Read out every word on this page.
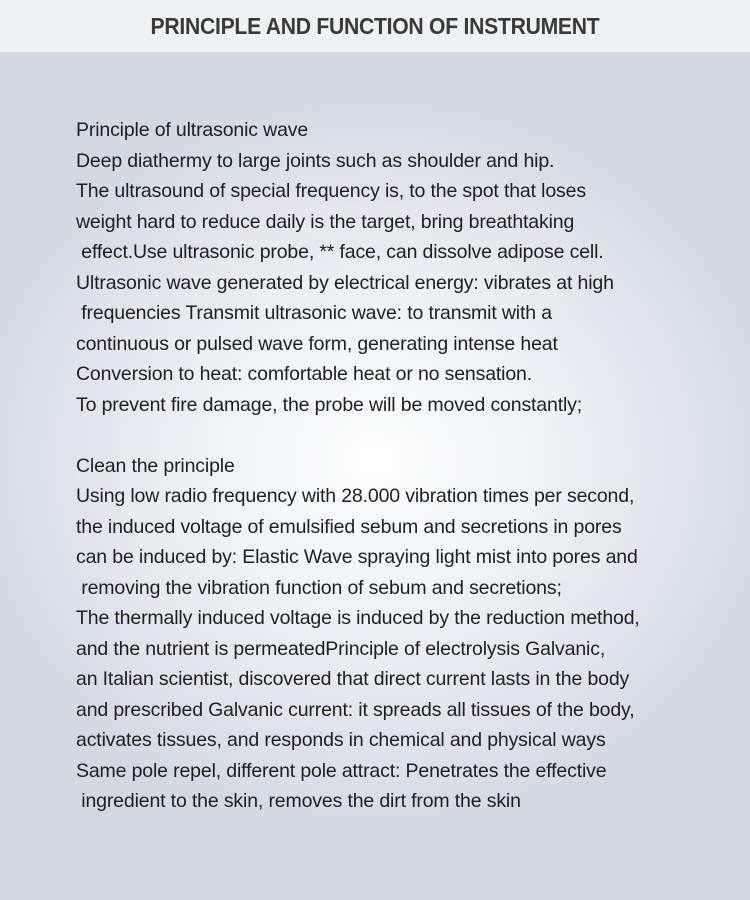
PRINCIPLE AND FUNCTION OF INSTRUMENT
Principle of ultrasonic wave
Deep diathermy to large joints such as shoulder and hip.
The ultrasound of special frequency is, to the spot that loses
weight hard to reduce daily is the target, bring breathtaking
effect.Use ultrasonic probe, ** face, can dissolve adipose cell.
Ultrasonic wave generated by electrical energy: vibrates at high
frequencies Transmit ultrasonic wave: to transmit with a
continuous or pulsed wave form, generating intense heat
Conversion to heat: comfortable heat or no sensation.
To prevent fire damage, the probe will be moved constantly;
Clean the principle
Using low radio frequency with 28.000 vibration times per second,
the induced voltage of emulsified sebum and secretions in pores
can be induced by: Elastic Wave spraying light mist into pores and
removing the vibration function of sebum and secretions;
The thermally induced voltage is induced by the reduction method,
and the nutrient is permeatedPrinciple of electrolysis Galvanic,
an Italian scientist, discovered that direct current lasts in the body
and prescribed Galvanic current: it spreads all tissues of the body,
activates tissues, and responds in chemical and physical ways
Same pole repel, different pole attract: Penetrates the effective
ingredient to the skin, removes the dirt from the skin
